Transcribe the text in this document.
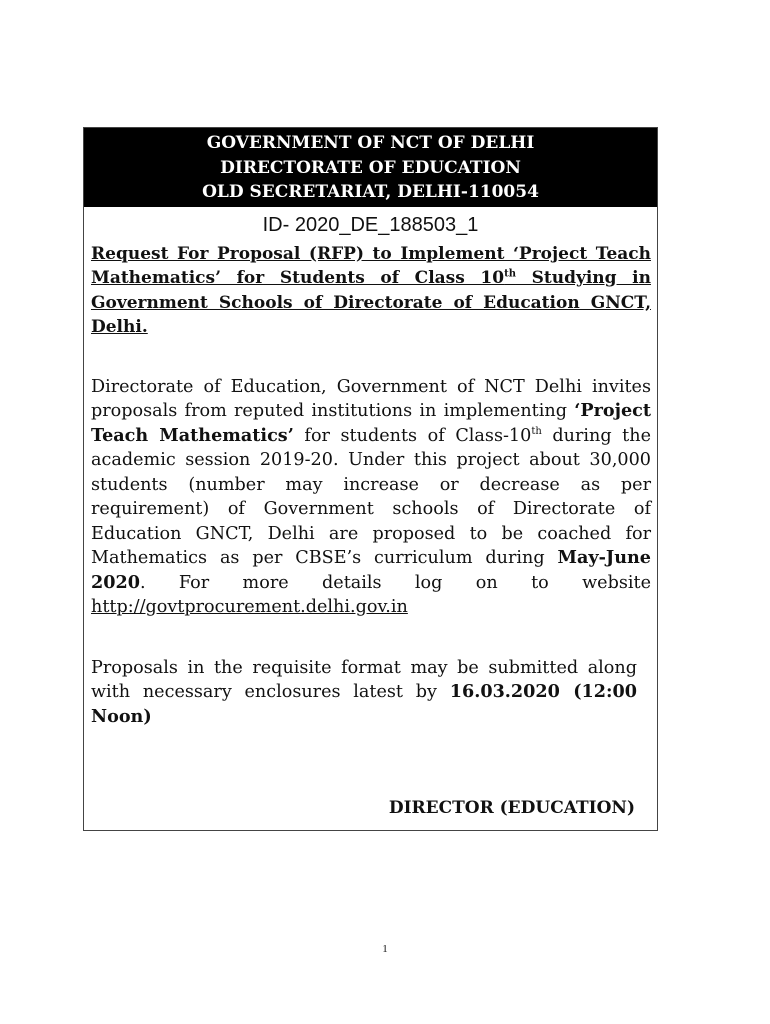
GOVERNMENT OF NCT OF DELHI
DIRECTORATE OF EDUCATION
OLD SECRETARIAT, DELHI-110054
ID- 2020_DE_188503_1
Request For Proposal (RFP) to Implement ‘Project Teach Mathematics’ for Students of Class 10th Studying in Government Schools of Directorate of Education GNCT, Delhi.
Directorate of Education, Government of NCT Delhi invites proposals from reputed institutions in implementing ‘Project Teach Mathematics’ for students of Class-10th during the academic session 2019-20. Under this project about 30,000 students (number may increase or decrease as per requirement) of Government schools of Directorate of Education GNCT, Delhi are proposed to be coached for Mathematics as per CBSE’s curriculum during May-June 2020. For more details log on to website http://govtprocurement.delhi.gov.in
Proposals in the requisite format may be submitted along with necessary enclosures latest by 16.03.2020 (12:00 Noon)
DIRECTOR (EDUCATION)
1
